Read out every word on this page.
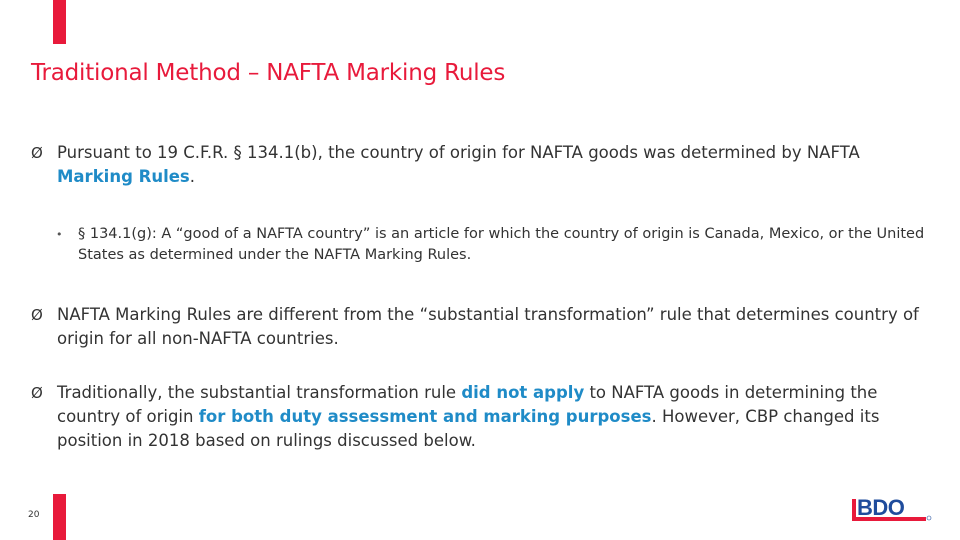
Traditional Method – NAFTA Marking Rules
Ø Pursuant to 19 C.F.R. § 134.1(b), the country of origin for NAFTA goods was determined by NAFTA Marking Rules.
• § 134.1(g): A “good of a NAFTA country” is an article for which the country of origin is Canada, Mexico, or the United States as determined under the NAFTA Marking Rules.
Ø NAFTA Marking Rules are different from the “substantial transformation” rule that determines country of origin for all non-NAFTA countries.
Ø Traditionally, the substantial transformation rule did not apply to NAFTA goods in determining the country of origin for both duty assessment and marking purposes. However, CBP changed its position in 2018 based on rulings discussed below.
20	BDO
